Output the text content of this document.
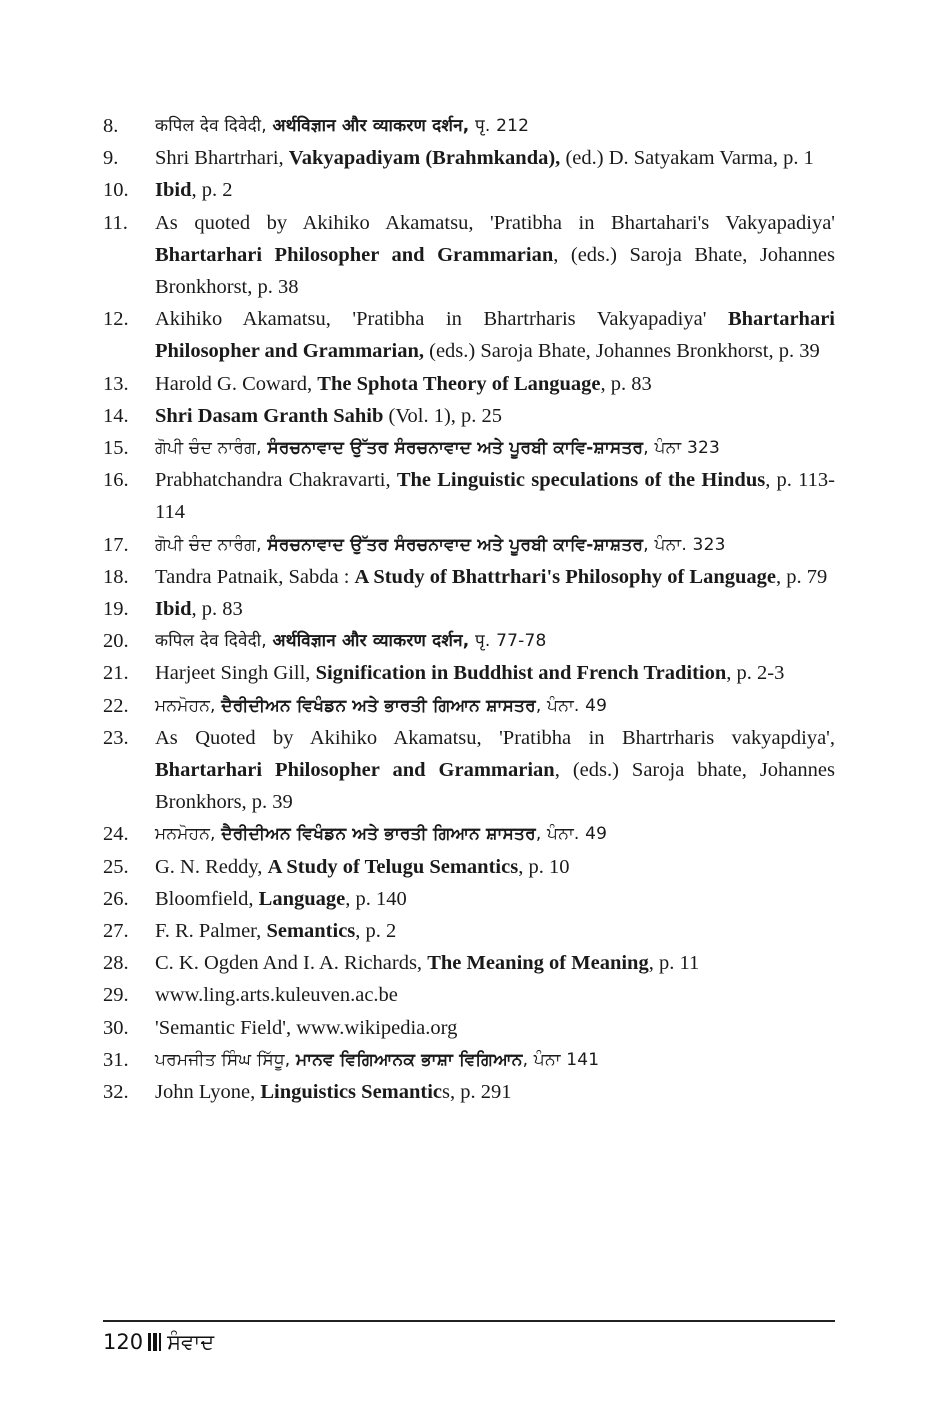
8.	कपिल देव दिवेदी, अर्थविज्ञान और व्याकरण दर्शन, पृ. 212
9.	Shri Bhartrhari, Vakyapadiyam (Brahmkanda), (ed.) D. Satyakam Varma, p. 1
10.	Ibid, p. 2
11.	As quoted by Akihiko Akamatsu, 'Pratibha in Bhartahari's Vakyapadiya' Bhartarhari Philosopher and Grammarian, (eds.) Saroja Bhate, Johannes Bronkhorst, p. 38
12.	Akihiko Akamatsu, 'Pratibha in Bhartrharis Vakyapadiya' Bhartarhari Philosopher and Grammarian, (eds.) Saroja Bhate, Johannes Bronkhorst, p. 39
13.	Harold G. Coward, The Sphota Theory of Language, p. 83
14.	Shri Dasam Granth Sahib (Vol. 1), p. 25
15.	ਗੋਪੀ ਚੰਦ ਨਾਰੰਗ, ਸੰਰਚਨਾਵਾਦ ਉੱਤਰ ਸੰਰਚਨਾਵਾਦ ਅਤੇ ਪੂਰਬੀ ਕਾਵਿ-ਸ਼ਾਸਤਰ, ਪੰਨਾ 323
16.	Prabhatchandra Chakravarti, The Linguistic speculations of the Hindus, p. 113-114
17.	ਗੋਪੀ ਚੰਦ ਨਾਰੰਗ, ਸੰਰਚਨਾਵਾਦ ਉੱਤਰ ਸੰਰਚਨਾਵਾਦ ਅਤੇ ਪੂਰਬੀ ਕਾਵਿ-ਸ਼ਾਸ਼ਤਰ, ਪੰਨਾ. 323
18.	Tandra Patnaik, Sabda : A Study of Bhattrhari's Philosophy of Language, p. 79
19.	Ibid, p. 83
20.	कपिल देव दिवेदी, अर्थविज्ञान और व्याकरण दर्शन, पृ. 77-78
21.	Harjeet Singh Gill, Signification in Buddhist and French Tradition, p. 2-3
22.	ਮਨਮੋਹਨ, ਦੈਰੀਦੀਅਨ ਵਿਖੰਡਨ ਅਤੇ ਭਾਰਤੀ ਗਿਆਨ ਸ਼ਾਸਤਰ, ਪੰਨਾ. 49
23.	As Quoted by Akihiko Akamatsu, 'Pratibha in Bhartrharis vakyapdiya', Bhartarhari Philosopher and Grammarian, (eds.) Saroja bhate, Johannes Bronkhors, p. 39
24.	ਮਨਮੋਹਨ, ਦੈਰੀਦੀਅਨ ਵਿਖੰਡਨ ਅਤੇ ਭਾਰਤੀ ਗਿਆਨ ਸ਼ਾਸਤਰ, ਪੰਨਾ. 49
25.	G. N. Reddy, A Study of Telugu Semantics, p. 10
26.	Bloomfield, Language, p. 140
27.	F. R. Palmer, Semantics, p. 2
28.	C. K. Ogden And I. A. Richards, The Meaning of Meaning, p. 11
29.	www.ling.arts.kuleuven.ac.be
30.	'Semantic Field', www.wikipedia.org
31.	ਪਰਮਜੀਤ ਸਿੰਘ ਸਿੱਧੂ, ਮਾਨਵ ਵਿਗਿਆਨਕ ਭਾਸ਼ਾ ਵਿਗਿਆਨ, ਪੰਨਾ 141
32.	John Lyone, Linguistics Semantics, p. 291
120 ਸੰਵਾਦ
